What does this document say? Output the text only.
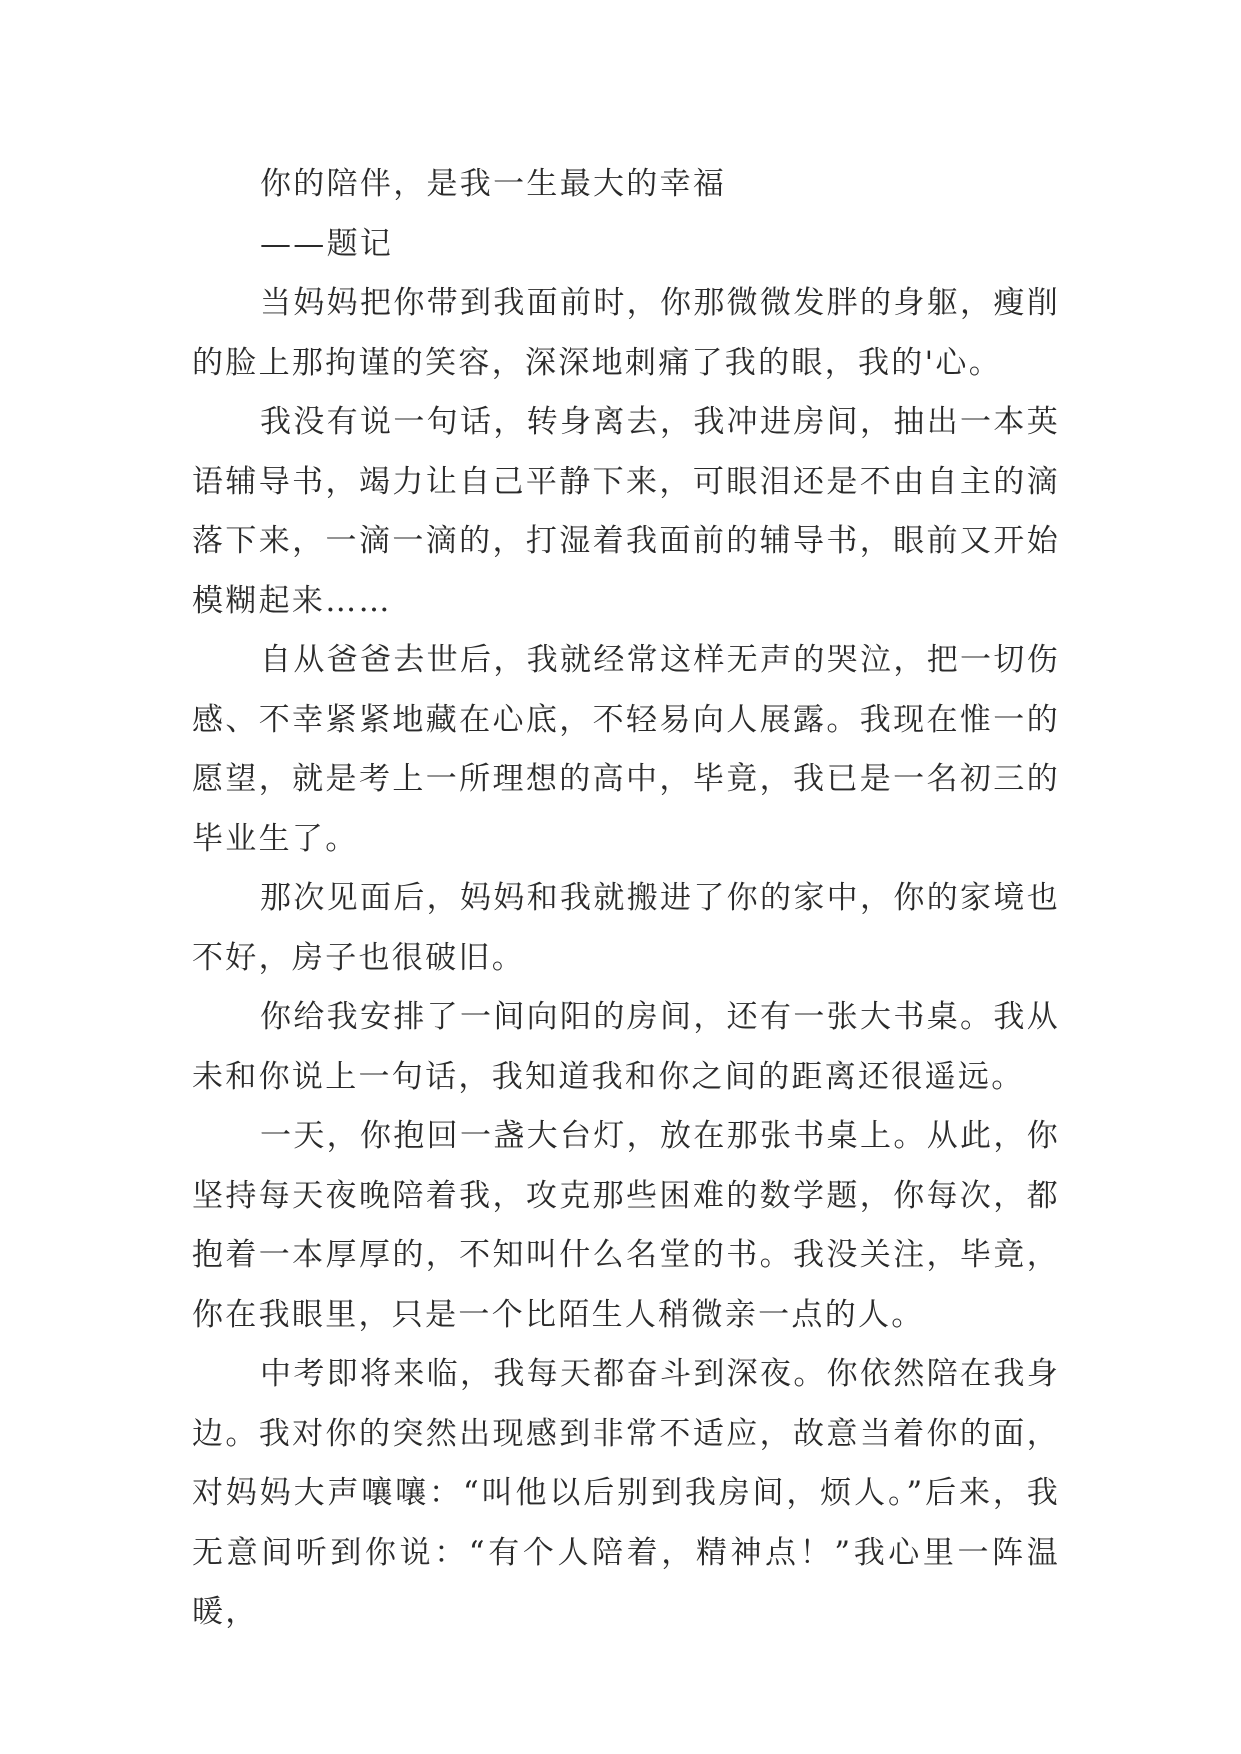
你的陪伴，是我一生最大的幸福

——题记

当妈妈把你带到我面前时，你那微微发胖的身躯，瘦削的脸上那拘谨的笑容，深深地刺痛了我的眼，我的'心。

我没有说一句话，转身离去，我冲进房间，抽出一本英语辅导书，竭力让自己平静下来，可眼泪还是不由自主的滴落下来，一滴一滴的，打湿着我面前的辅导书，眼前又开始模糊起来……

自从爸爸去世后，我就经常这样无声的哭泣，把一切伤感、不幸紧紧地藏在心底，不轻易向人展露。我现在惟一的愿望，就是考上一所理想的高中，毕竟，我已是一名初三的毕业生了。

那次见面后，妈妈和我就搬进了你的家中，你的家境也不好，房子也很破旧。

你给我安排了一间向阳的房间，还有一张大书桌。我从未和你说上一句话，我知道我和你之间的距离还很遥远。

一天，你抱回一盏大台灯，放在那张书桌上。从此，你坚持每天夜晚陪着我，攻克那些困难的数学题，你每次，都抱着一本厚厚的，不知叫什么名堂的书。我没关注，毕竟，你在我眼里，只是一个比陌生人稍微亲一点的人。

中考即将来临，我每天都奋斗到深夜。你依然陪在我身边。我对你的突然出现感到非常不适应，故意当着你的面，对妈妈大声嚷嚷：“叫他以后别到我房间，烦人。”后来，我无意间听到你说：“有个人陪着，精神点！”我心里一阵温暖，
